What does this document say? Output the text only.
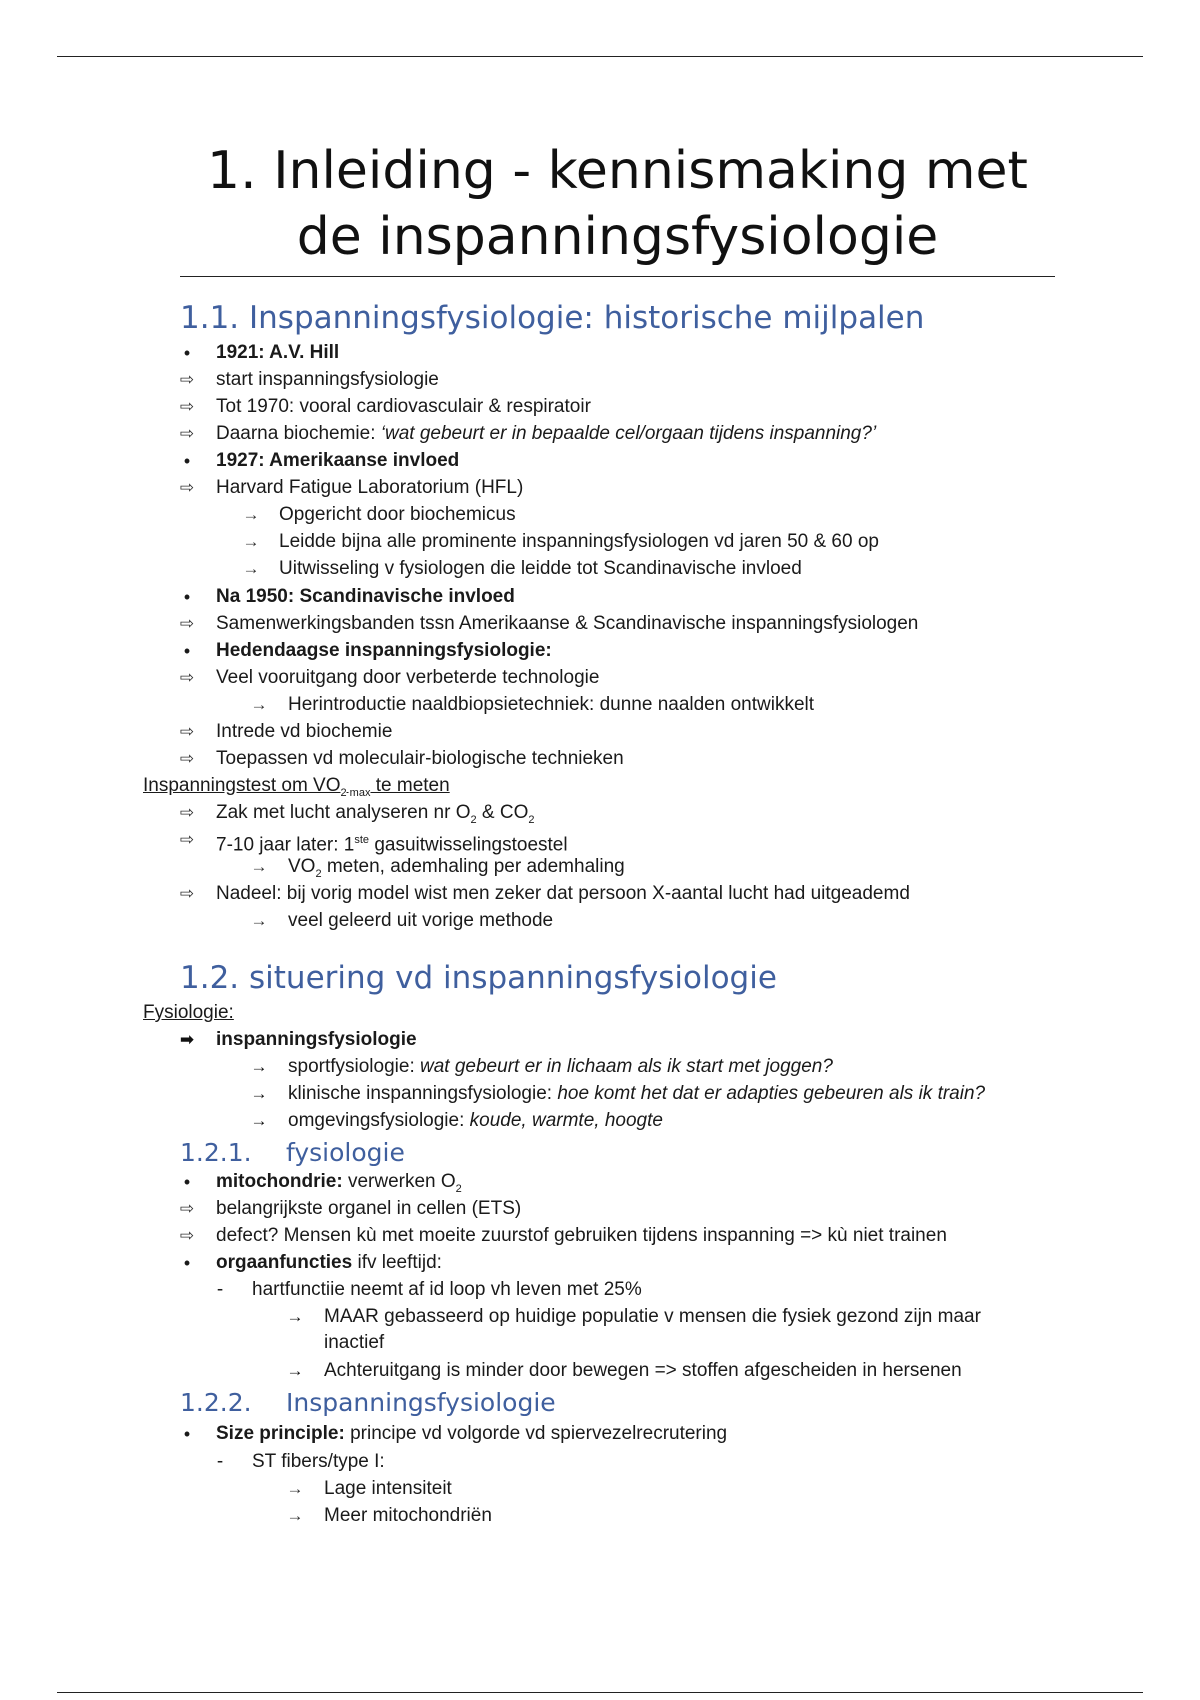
1. Inleiding - kennismaking met
de inspanningsfysiologie
1.1. Inspanningsfysiologie: historische mijlpalen
• 1921: A.V. Hill
⇨ start inspanningsfysiologie
⇨ Tot 1970: vooral cardiovasculair & respiratoir
⇨ Daarna biochemie: ‘wat gebeurt er in bepaalde cel/orgaan tijdens inspanning?’
• 1927: Amerikaanse invloed
⇨ Harvard Fatigue Laboratorium (HFL)
→ Opgericht door biochemicus
→ Leidde bijna alle prominente inspanningsfysiologen vd jaren 50 & 60 op
→ Uitwisseling v fysiologen die leidde tot Scandinavische invloed
• Na 1950: Scandinavische invloed
⇨ Samenwerkingsbanden tssn Amerikaanse & Scandinavische inspanningsfysiologen
• Hedendaagse inspanningsfysiologie:
⇨ Veel vooruitgang door verbeterde technologie
→ Herintroductie naaldbiopsietechniek: dunne naalden ontwikkelt
⇨ Intrede vd biochemie
⇨ Toepassen vd moleculair-biologische technieken
Inspanningstest om $VO_{2 max}$ te meten
⇨ Zak met lucht analyseren nr $O_2$ & $CO_2$
⇨ 7-10 jaar later: 1ste gasuitwisselingstoestel
→ $VO_2$ meten, ademhaling per ademhaling
⇨ Nadeel: bij vorig model wist men zeker dat persoon X-aantal lucht had uitgeademd
→ veel geleerd uit vorige methode
1.2. situering vd inspanningsfysiologie
Fysiologie:
➡ inspanningsfysiologie
→ sportfysiologie: wat gebeurt er in lichaam als ik start met joggen?
→ klinische inspanningsfysiologie: hoe komt het dat er adapties gebeuren als ik train?
→ omgevingsfysiologie: koude, warmte, hoogte
1.2.1. fysiologie
• mitochondrie: verwerken $O_2$
⇨ belangrijkste organel in cellen (ETS)
⇨ defect? Mensen kù met moeite zuurstof gebruiken tijdens inspanning => kù niet trainen
• orgaanfuncties ifv leeftijd:
- hartfunctiie neemt af id loop vh leven met 25%
→ MAAR gebasseerd op huidige populatie v mensen die fysiek gezond zijn maar
inactief
→ Achteruitgang is minder door bewegen => stoffen afgescheiden in hersenen
1.2.2. Inspanningsfysiologie
• Size principle: principe vd volgorde vd spiervezelrecrutering
- ST fibers/type I:
→ Lage intensiteit
→ Meer mitochondriën
